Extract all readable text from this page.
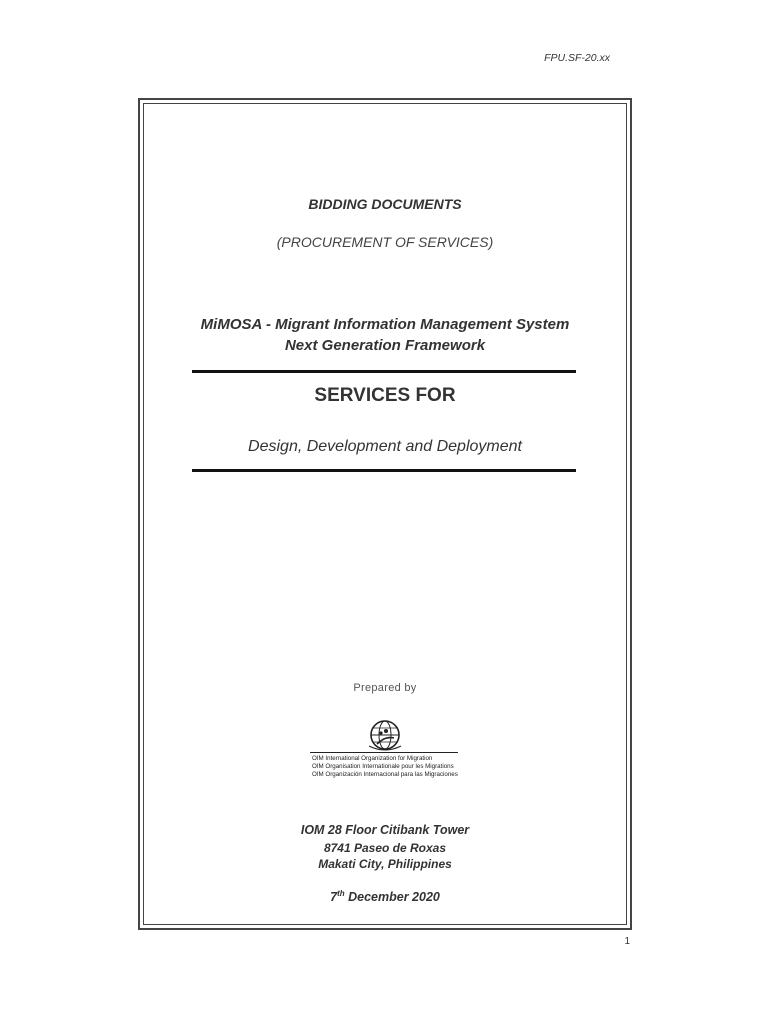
FPU.SF-20.xx
BIDDING DOCUMENTS
(PROCUREMENT OF SERVICES)
MiMOSA - Migrant Information Management System
Next Generation Framework
SERVICES FOR
Design, Development and Deployment
Prepared by
OIM International Organization for Migration
OIM Organisation Internationale pour les Migrations
OIM Organización Internacional para las Migraciones
IOM 28 Floor Citibank Tower
8741 Paseo de Roxas
Makati City, Philippines
7th December 2020
1
